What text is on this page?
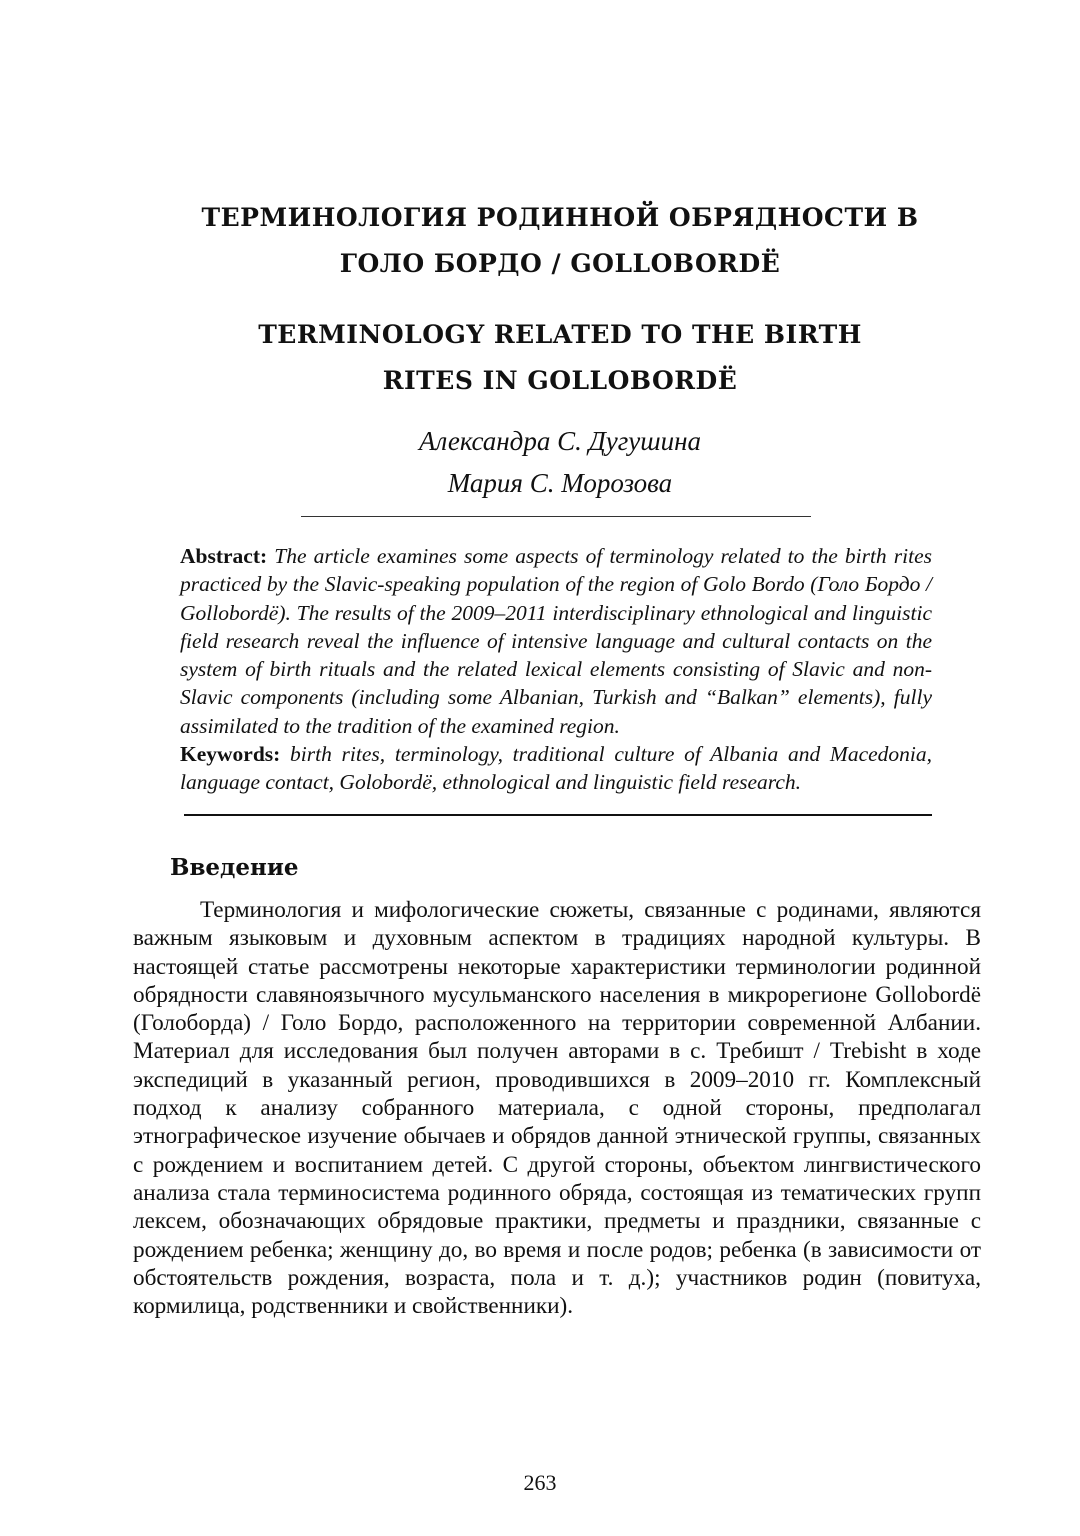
ТЕРМИНОЛОГИЯ РОДИННОЙ ОБРЯДНОСТИ В
ГОЛО БОРДО / GOLLOBORDË
TERMINOLOGY RELATED TO THE BIRTH
RITES IN GOLLOBORDË
Александра С. Дугушина
Мария С. Морозова
Abstract: The article examines some aspects of terminology related to the birth rites practiced by the Slavic-speaking population of the region of Golo Bordo (Голо Бордо / Gollobordë). The results of the 2009–2011 interdisciplinary ethnological and linguistic field research reveal the influence of intensive language and cultural contacts on the system of birth rituals and the related lexical elements consisting of Slavic and non-Slavic components (including some Albanian, Turkish and “Balkan” elements), fully assimilated to the tradition of the examined region.
Keywords: birth rites, terminology, traditional culture of Albania and Macedonia, language contact, Golobordë, ethnological and linguistic field research.
Введение

Терминология и мифологические сюжеты, связанные с родинами, являются важным языковым и духовным аспектом в традициях народной культуры. В настоящей статье рассмотрены некоторые характеристики терминологии родинной обрядности славяноязычного мусульманского населения в микрорегионе Gollobordë (Голоборда) / Голо Бордо, расположенного на территории современной Албании. Материал для исследования был получен авторами в с. Требишт / Trebisht в ходе экспедиций в указанный регион, проводившихся в 2009–2010 гг. Комплексный подход к анализу собранного материала, с одной стороны, предполагал этнографическое изучение обычаев и обрядов данной этнической группы, связанных с рождением и воспитанием детей. С другой стороны, объектом лингвистического анализа стала терминосистема родинного обряда, состоящая из тематических групп лексем, обозначающих обрядовые практики, предметы и праздники, связанные с рождением ребенка; женщину до, во время и после родов; ребенка (в зависимости от обстоятельств рождения, возраста, пола и т. д.); участников родин (повитуха, кормилица, родственники и свойственники).

263
